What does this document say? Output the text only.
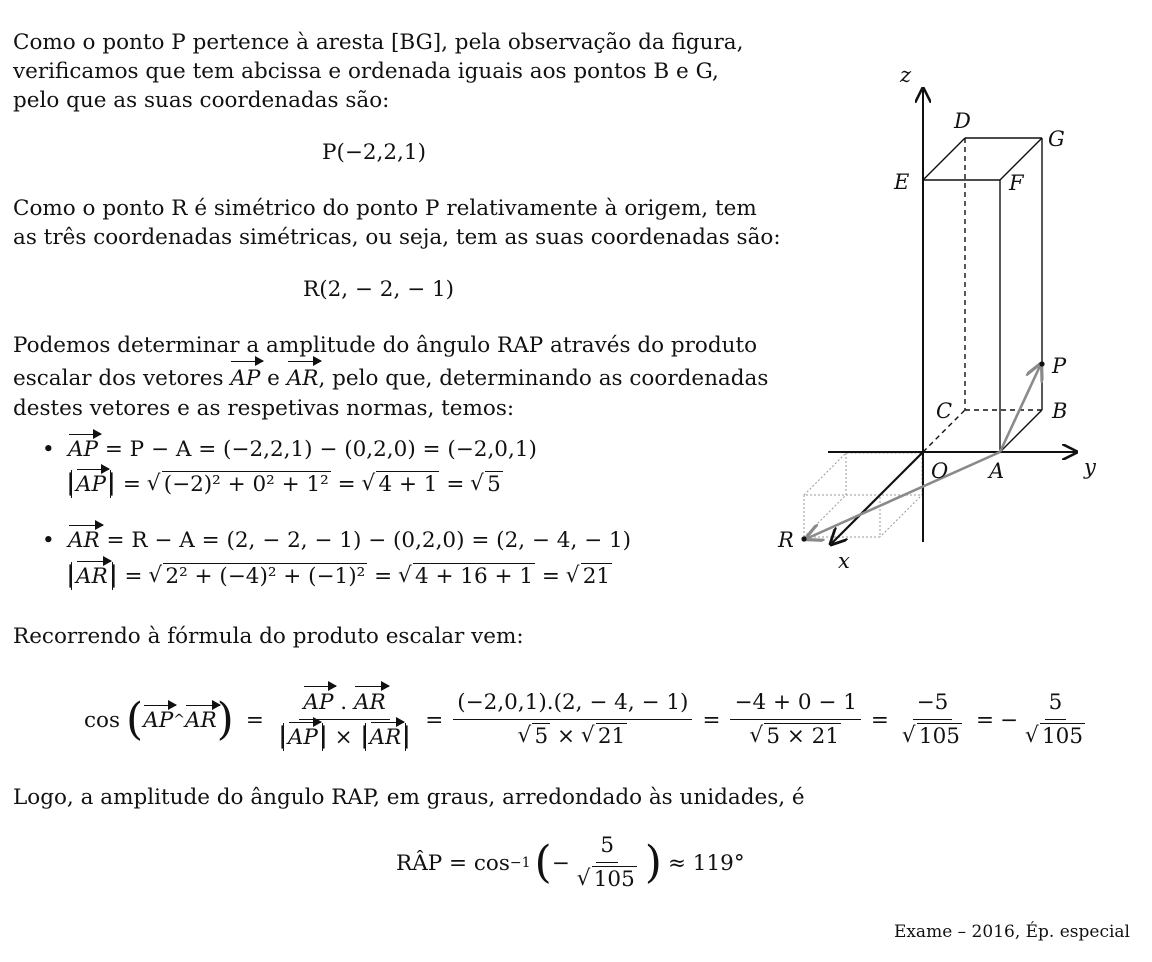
Como o ponto P pertence à aresta [BG], pela observação da figura,
verificamos que tem abcissa e ordenada iguais aos pontos B e G,
pelo que as suas coordenadas são:
P(−2,2,1)
Como o ponto R é simétrico do ponto P relativamente à origem, tem
as três coordenadas simétricas, ou seja, tem as suas coordenadas são:
R(2, − 2, − 1)
Podemos determinar a amplitude do ângulo RAP através do produto
escalar dos vetores AP e AR, pelo que, determinando as coordenadas
destes vetores e as respetivas normas, temos:
• AP = P − A = (−2,2,1) − (0,2,0) = (−2,0,1)
AP = √ (−2)² + 0² + 1² = √ 4 + 1 = √ 5
• AR = R − A = (2, − 2, − 1) − (0,2,0) = (2, − 4, − 1)
AR = √ 2² + (−4)² + (−1)² = √ 4 + 16 + 1 = √ 21
Recorrendo à fórmula do produto escalar vem:
cos ( AP ^ AR ) = $\frac{AP . AR}{AP \times AR} = (-2,0,1).(2$, − 4, − 1)
√ 5 × √ 21 = −4 + 0 − 1
√ 5 × 21 = −5
√ 105 = − 5
√ 105
Logo, a amplitude do ângulo RAP, em graus, arredondado às unidades, é
RÂP = cos −1 ( − 5
√ 105 ) ≈ 119°
Exame – 2016, Ép. especial
z
y
x
D
G
E	F
P
C	B
O A
R
